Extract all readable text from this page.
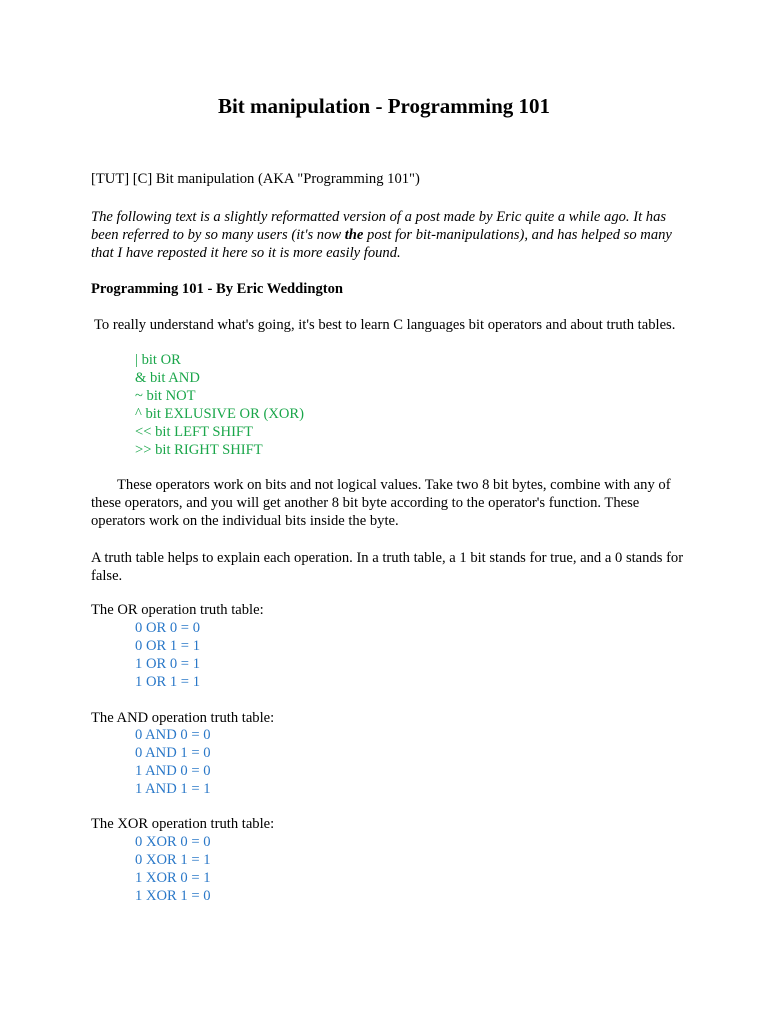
Bit manipulation - Programming 101

[TUT] [C] Bit manipulation (AKA "Programming 101")

The following text is a slightly reformatted version of a post made by Eric quite a while ago. It has been referred to by so many users (it's now the post for bit-manipulations), and has helped so many that I have reposted it here so it is more easily found.

Programming 101 - By Eric Weddington

To really understand what's going, it's best to learn C languages bit operators and about truth tables.

| bit OR
& bit AND
~ bit NOT
^ bit EXLUSIVE OR (XOR)
<< bit LEFT SHIFT
>> bit RIGHT SHIFT

These operators work on bits and not logical values. Take two 8 bit bytes, combine with any of these operators, and you will get another 8 bit byte according to the operator's function. These operators work on the individual bits inside the byte.

A truth table helps to explain each operation. In a truth table, a 1 bit stands for true, and a 0 stands for false.

The OR operation truth table:

0 OR 0 = 0
0 OR 1 = 1
1 OR 0 = 1
1 OR 1 = 1

The AND operation truth table:

0 AND 0 = 0
0 AND 1 = 0
1 AND 0 = 0
1 AND 1 = 1

The XOR operation truth table:

0 XOR 0 = 0
0 XOR 1 = 1
1 XOR 0 = 1
1 XOR 1 = 0
